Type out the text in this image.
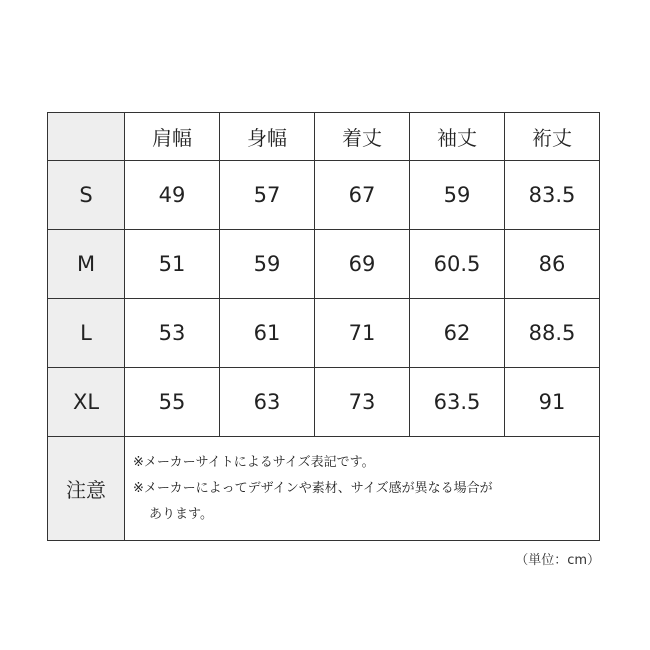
	肩幅	身幅	着丈	袖丈	裄丈
S	49	57	67	59	83.5
M	51	59	69	60.5	86
L	53	61	71	62	88.5
XL	55	63	73	63.5	91
注意	※メーカーサイトによるサイズ表記です。
※メーカーによってデザインや素材、サイズ感が異なる場合が
あります。				
（単位：cm）
